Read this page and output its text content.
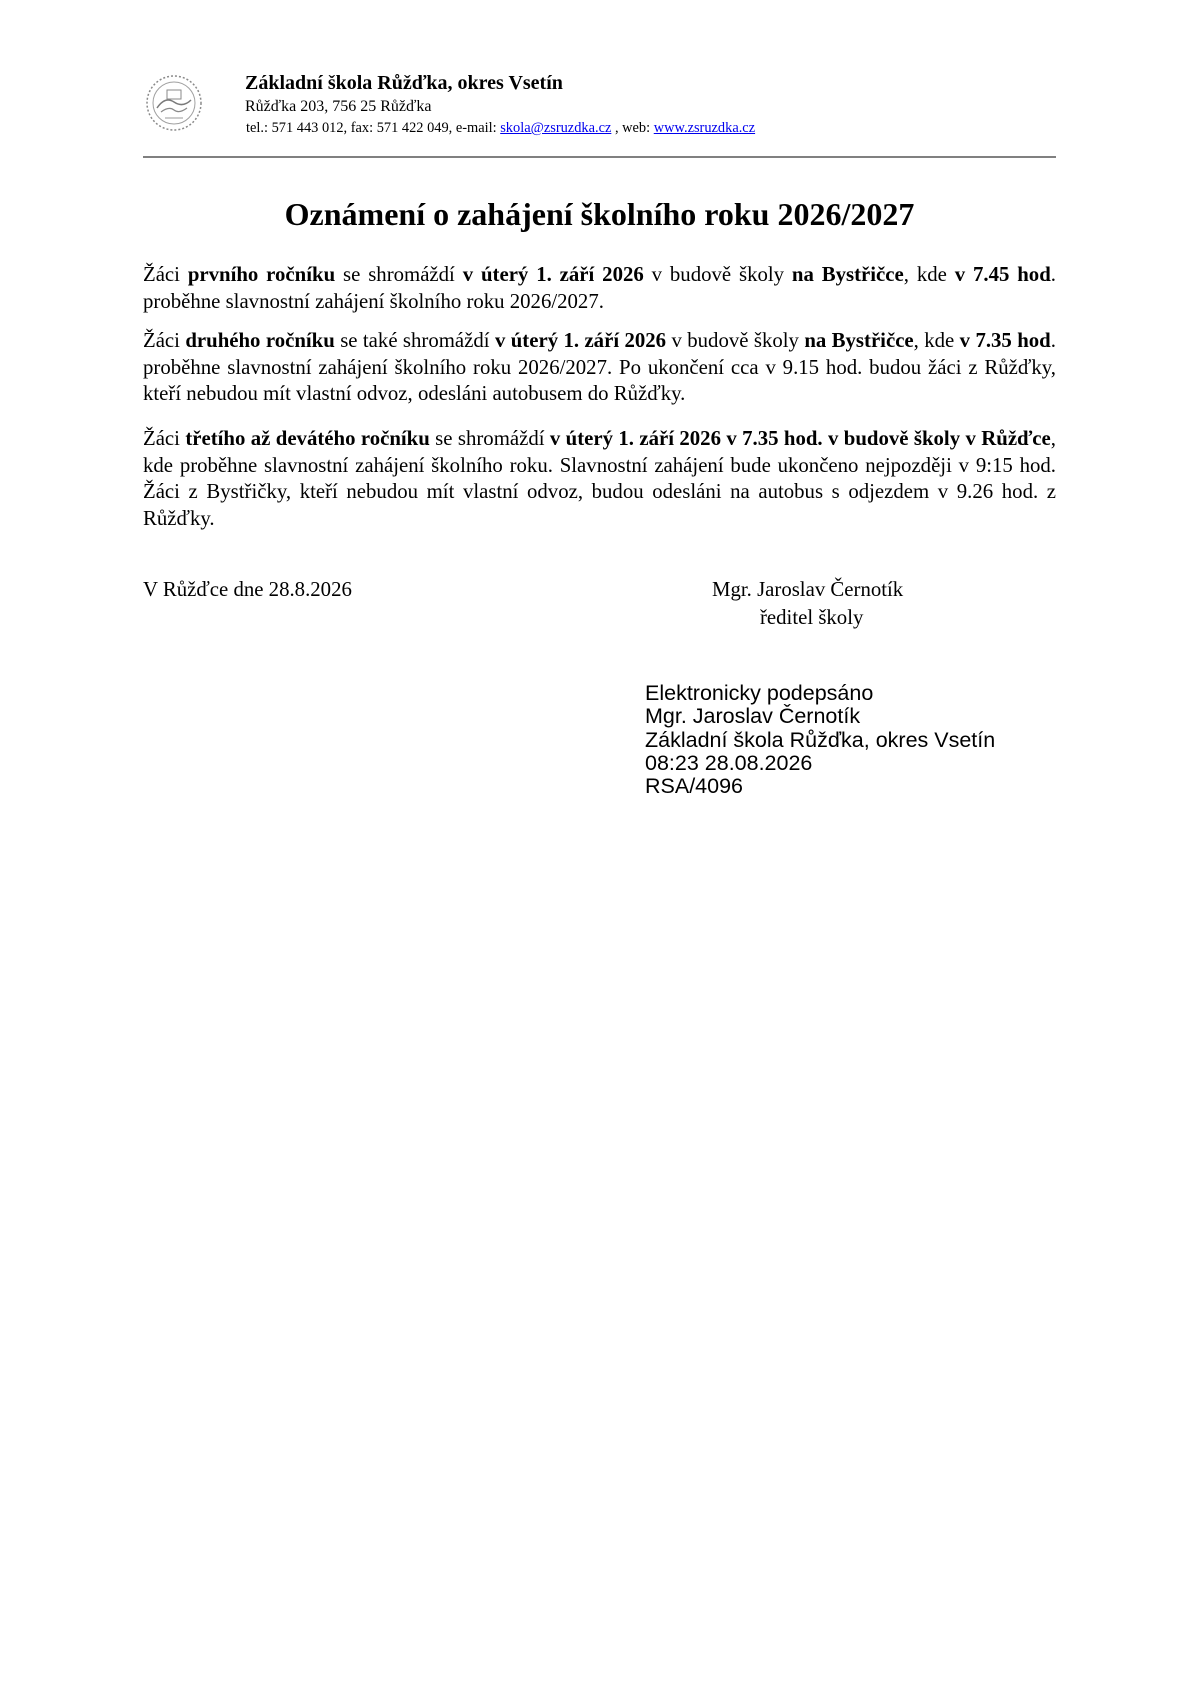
Základní škola Růžďka, okres Vsetín
Růžďka 203, 756 25 Růžďka
tel.: 571 443 012, fax: 571 422 049, e-mail: skola@zsruzdka.cz , web: www.zsruzdka.cz
Oznámení o zahájení školního roku 2026/2027

Žáci prvního ročníku se shromáždí v úterý 1. září 2026 v budově školy na Bystřičce, kde v 7.45 hod. proběhne slavnostní zahájení školního roku 2026/2027.

Žáci druhého ročníku se také shromáždí v úterý 1. září 2026 v budově školy na Bystřičce, kde v 7.35 hod. proběhne slavnostní zahájení školního roku 2026/2027. Po ukončení cca v 9.15 hod. budou žáci z Růžďky, kteří nebudou mít vlastní odvoz, odesláni autobusem do Růžďky.

Žáci třetího až devátého ročníku se shromáždí v úterý 1. září 2026 v 7.35 hod. v budově školy v Růžďce, kde proběhne slavnostní zahájení školního roku. Slavnostní zahájení bude ukončeno nejpozději v 9:15 hod. Žáci z Bystřičky, kteří nebudou mít vlastní odvoz, budou odesláni na autobus s odjezdem v 9.26 hod. z Růžďky.

V Růžďce dne 28.8.2026	Mgr. Jaroslav Černotík
ředitel školy
Elektronicky podepsáno
Mgr. Jaroslav Černotík
Základní škola Růžďka, okres Vsetín
08:23 28.08.2026
RSA/4096
